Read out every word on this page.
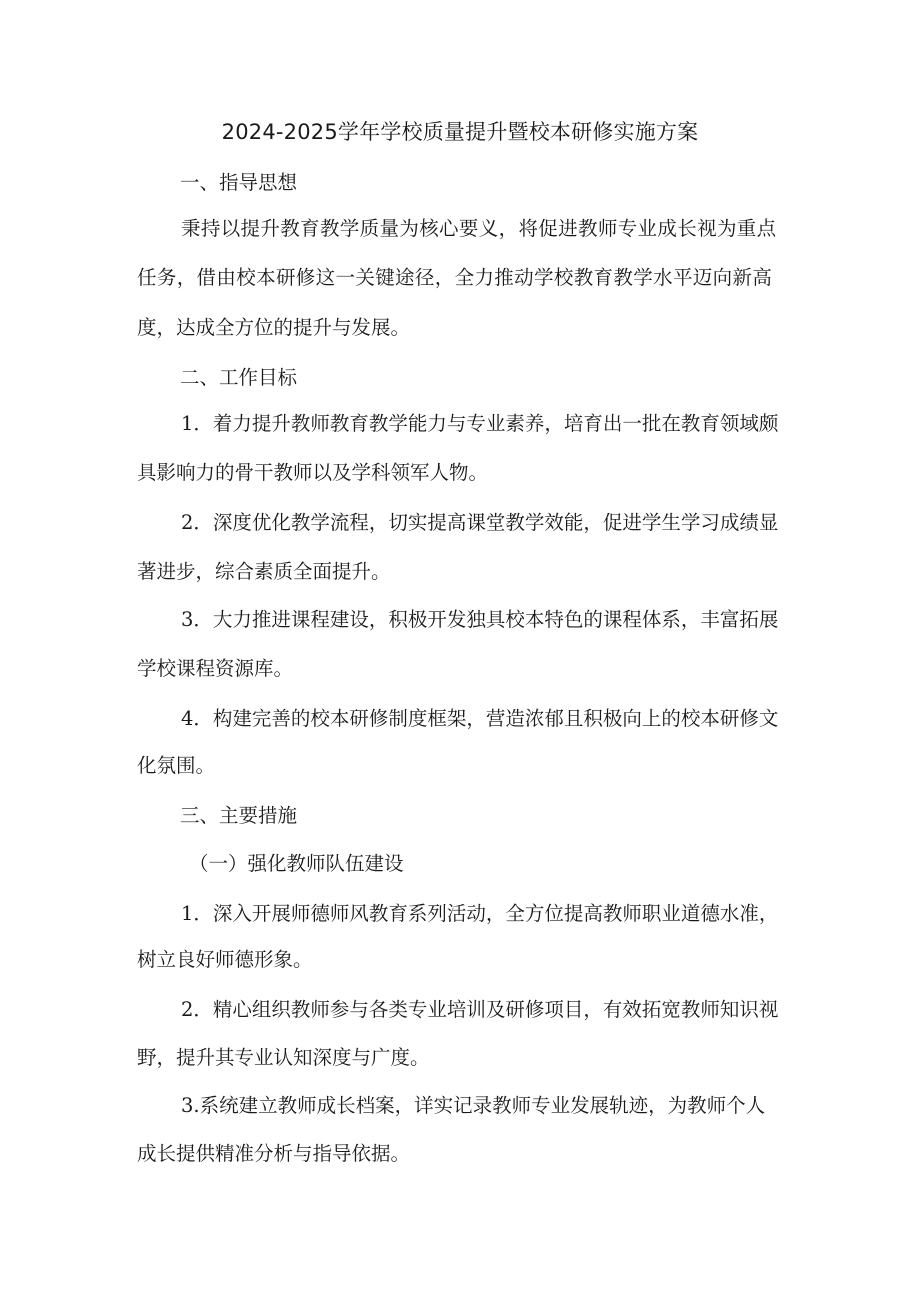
2024-2025学年学校质量提升暨校本研修实施方案
一、指导思想
秉持以提升教育教学质量为核心要义，将促进教师专业成长视为重点
任务，借由校本研修这一关键途径，全力推动学校教育教学水平迈向新高
度，达成全方位的提升与发展。
二、工作目标
1．着力提升教师教育教学能力与专业素养，培育出一批在教育领域颇
具影响力的骨干教师以及学科领军人物。
2．深度优化教学流程，切实提高课堂教学效能，促进学生学习成绩显
著进步，综合素质全面提升。
3．大力推进课程建设，积极开发独具校本特色的课程体系，丰富拓展
学校课程资源库。
4．构建完善的校本研修制度框架，营造浓郁且积极向上的校本研修文
化氛围。
三、主要措施
（一）强化教师队伍建设
1．深入开展师德师风教育系列活动，全方位提高教师职业道德水准，
树立良好师德形象。
2．精心组织教师参与各类专业培训及研修项目，有效拓宽教师知识视
野，提升其专业认知深度与广度。
3.系统建立教师成长档案，详实记录教师专业发展轨迹，为教师个人
成长提供精准分析与指导依据。
